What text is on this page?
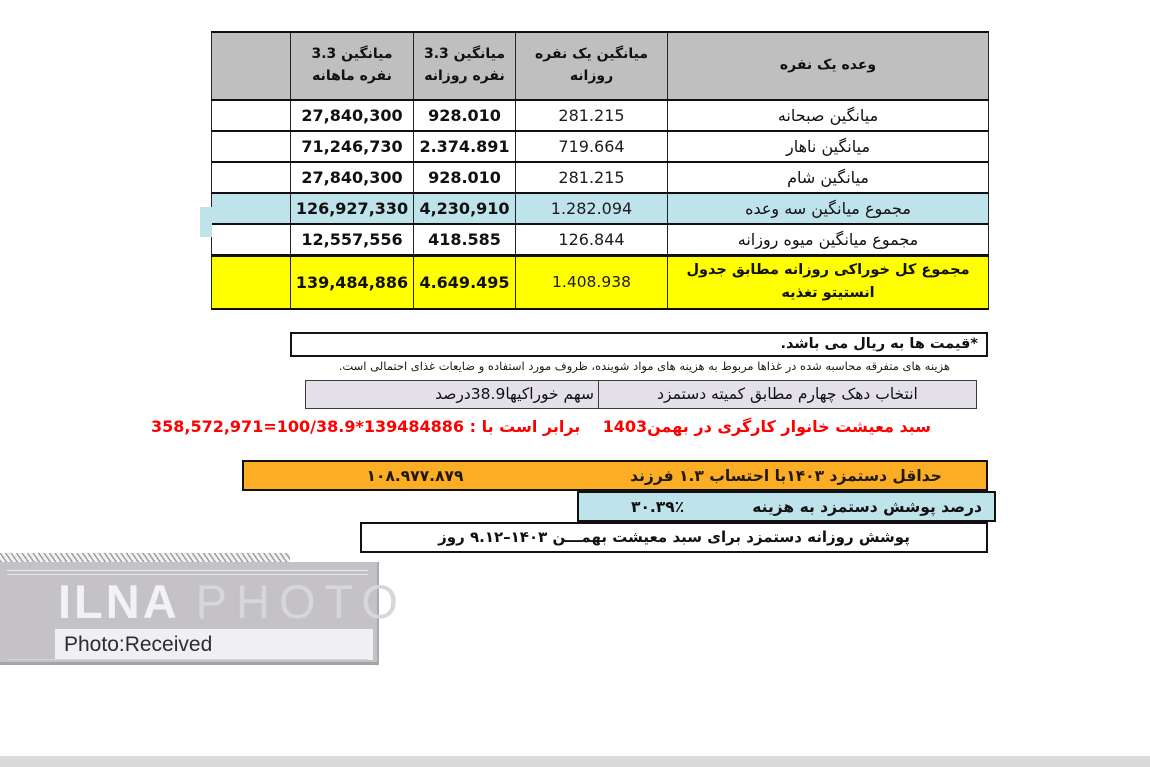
	میانگین 3.3 نفره ماهانه	میانگین 3.3 نفره روزانه	میانگین یک نفره روزانه	وعده یک نفره
	27,840,300	928.010	281.215	میانگین صبحانه
	71,246,730	2.374.891	719.664	میانگین ناهار
	27,840,300	928.010	281.215	میانگین شام
	126,927,330	4,230,910	1.282.094	مجموع میانگین سه وعده
	12,557,556	418.585	126.844	مجموع میانگین میوه روزانه
	139,484,886	4.649.495	1.408.938	مجموع کل خوراکی روزانه مطابق جدول انستیتو تغذیه
*قیمت ها به ریال می باشد.
هزینه های متفرقه محاسبه شده در غذاها مربوط به هزینه های مواد شوینده، ظروف مورد استفاده و ضایعات غذای احتمالی است.
انتخاب دهک چهارم مطابق کمیته دستمزد
سهم خوراکیها38.9درصد
سبد معیشت خانوار کارگری در بهمن1403    برابر است با : 139484886*100/38.9=358,572,971
حداقل دستمزد ۱۴۰۳با احتساب ۱.۳ فرزند
۱۰۸.۹۷۷.۸۷۹
درصد پوشش دستمزد به هزینه
۳۰.۳۹٪
پوشش روزانه دستمزد برای سبد معیشت بهمـــن ۱۴۰۳–۹.۱۲ روز
ILNA PHOTO
Photo:Received
